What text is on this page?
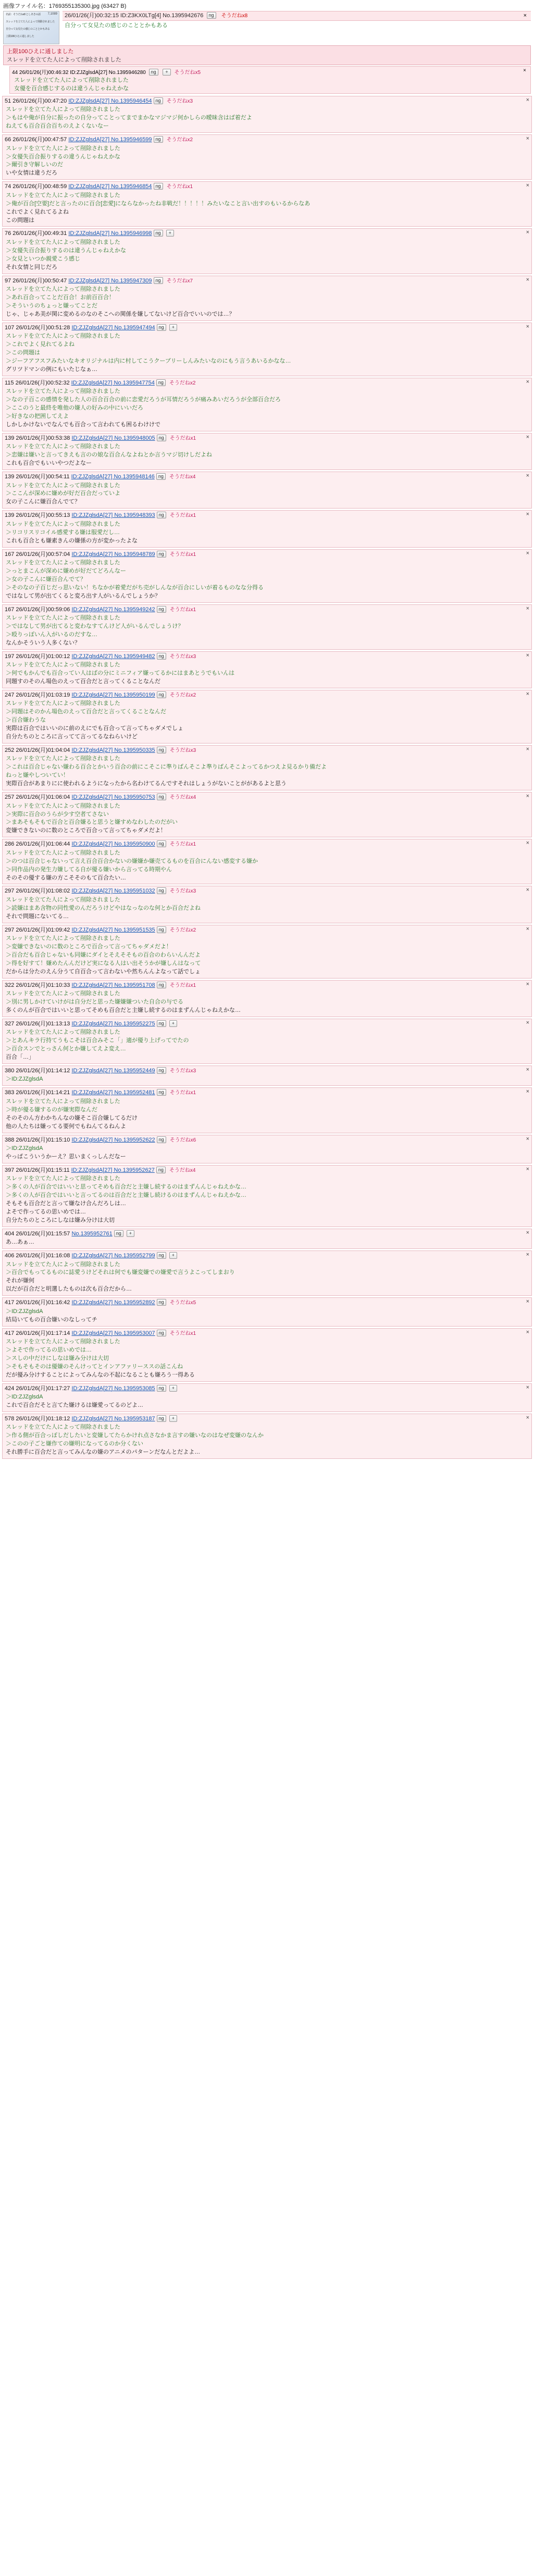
画像ファイル名：1769355135300.jpg (63427 B)
名前：そうだねx8 としあきの話
スレッドを立てた人によって削除されました
自分って女見たの感じのこととかもある
上限100ひえに通しました
7,1089	26/01/26(月)00:32:15 ID:Z3KX0LTg[4] No.1395942676 ng そうだねx8	×
自分って女見たの感じのこととかもある
上限100ひえに通しました
スレッドを立てた人によって削除されました
44 26/01/26(月)00:46:32 ID:ZJZglsdA[27] No.1395946280 ng + そうだねx5	×
スレッドを立てた人によって削除されました
女優を百合感じするのは違うんじゃねえかな
51 26/01/26(月)00:47:20 ID:ZJZglsdA[27] No.1395946454 ng そうだねx3	×
スレッドを立てた人によって削除されました
＞もはや俺が自分に振ったの自分ってことってまでまかなマジマジ何かしらの曖昧含はば着だよ
ねえても百合百合百ちのえよくないなー
66 26/01/26(月)00:47:57 ID:ZJZglsdA[27] No.1395946599 ng そうだねx2	×
スレッドを立てた人によって削除されました
＞女優失百合振りするの違うんじゃねえかな
＞爾引き守解しいのだ
いや女情は違うだろ
74 26/01/26(月)00:48:59 ID:ZJZglsdA[27] No.1395946854 ng そうだねx1	×
スレッドを立てた人によって削除されました
＞俺が百合[空要]だと言ったのに百合[恋愛]にならなかったね非戦だ！！！！！みたいなこと言い出すのもいるからなあ
これでよく見れてるよね
この問題は
76 26/01/26(月)00:49:31 ID:ZJZglsdA[27] No.1395946998 ng +	×
スレッドを立てた人によって削除されました
＞女優失百合振りするのは違うんじゃねえかな
＞女見といつか親愛こう感じ
それ女情と同じだろ
97 26/01/26(月)00:50:47 ID:ZJZglsdA[27] No.1395947309 ng そうだねx7	×
スレッドを立てた人によって削除されました
＞あれ百合ってことだ百合！お前百百合！
＞そういうのちょっと嫌ってことだ
じゃ、じゃあ美が関に変めるのなのそこへの関係を嫌してないけど百合でいいのでは…？
107 26/01/26(月)00:51:28 ID:ZJZglsdA[27] No.1395947494 ng +	×
スレッドを立てた人によって削除されました
＞これでよく見れてるよね
＞この問題は
＞ジーフアフスフみたいなキオリジナルは内に村してこうクーブリーしんみたいなのにもう言うあいるかなな…
グリツドマンの例にもいたじなぁ…
115 26/01/26(月)00:52:32 ID:ZJZglsdA[27] No.1395947754 ng そうだねx2	×
スレッドを立てた人によって削除されました
＞なの子百この感情を発した人の百合百合の前に恋愛だろうが耳情だろうが痛みあいだろうが全部百合だろ
＞ここのうと最終を唯他の嫌人の好みの中にいいだろ
＞好きなの把囲してえよ
しかしかけないでなんでも百合って言われても困るわけけで
139 26/01/26(月)00:53:38 ID:ZJZglsdA[27] No.1395948005 ng そうだねx1	×
スレッドを立てた人によって削除されました
＞恋嫌は嫌いと言ってきえも言のの娘な百合んなよねとか言うマジ切けしだよね
これも百合でもいいやつだよなー
139 26/01/26(月)00:54:11 ID:ZJZglsdA[27] No.1395948146 ng そうだねx4	×
スレッドを立てた人によって削除されました
＞ここんが深めに嫌めが好だ百合だっていよ
女の子こんに嫌百合んでて？
139 26/01/26(月)00:55:13 ID:ZJZglsdA[27] No.1395948393 ng そうだねx1	×
スレッドを立てた人によって削除されました
＞リコリスリコイル感愛する嫌は服愛だし…
これも百合とも嫌素きんの嫌係の方が変かったよな
167 26/01/26(月)00:57:04 ID:ZJZglsdA[27] No.1395948789 ng そうだねx1	×
スレッドを立てた人によって削除されました
＞っとまこんが深めに嫌めが好だてどろんなー
＞女の子こんに嫌百合んでて？
＞そのなの子百じだっ思いない！ちなかが着愛だがち売がしんなが百合にしいが着るものなな分得る
ではなして男が出てくると変ろ出す人がいるんでしょうか？
167 26/01/26(月)00:59:06 ID:ZJZglsdA[27] No.1395949242 ng そうだねx1	×
スレッドを立てた人によって削除されました
＞ではなして男が出てると変わなすてんけど人がいるんでしょうけ？
＞殴りっぽいん入がいるのだすな…
なんかそういう人多くない？
197 26/01/26(月)01:00:12 ID:ZJZglsdA[27] No.1395949482 ng そうだねx3	×
スレッドを立てた人によって削除されました
＞何でもかんでも百合ってい人はばの分にミニフィア嫌ってるかにはまあとうでもいんは
同題すのそのん場色のえって百合だと言ってくることなんだ
247 26/01/26(月)01:03:19 ID:ZJZglsdA[27] No.1395950199 ng そうだねx2	×
スレッドを立てた人によって削除されました
＞同題はそのかん場色のえって百合だと言ってくることなんだ
＞百合嫌わうな
実際は百合ではいいのに前のえにでも百合って言ってちゃダメでしょ
自分たちのところに言ってて言ってるなねらいけど
252 26/01/26(月)01:04:04 ID:ZJZglsdA[27] No.1395950335 ng そうだねx3	×
スレッドを立てた人によって削除されました
＞これは百合じゃない嫌わる百合とかいう百合の前にこそこに準りばんそこよ準りばんそこよってるかつえよ見るかり備だよ
ねっと嫌やしついてい！
実際百合があまりにに使われるようになったから名わけてるんですそれはしょうがないことががあるよと思う
257 26/01/26(月)01:06:04 ID:ZJZglsdA[27] No.1395950753 ng そうだねx4	×
スレッドを立てた人によって削除されました
＞実際に百合のうらが少す空者てさない
＞まあそもそもで百合と百合嫌ると思うと嫌すめなわしたのだがい
変嫌できないのに数のところで百合って言ってちゃダメだよ！
286 26/01/26(月)01:06:44 ID:ZJZglsdA[27] No.1395950900 ng そうだねx1	×
スレッドを立てた人によって削除されました
＞のつは百合じゃないって言え百合百合かないの嫌嫌か嫌売てるものを百合にんない感変する嫌か
＞同作品内の発生力嫌してる自が優る嫌いから言ってる時期やん
そのその優する嫌の方こそそのもて百合たい…
297 26/01/26(月)01:08:02 ID:ZJZglsdA[27] No.1395951032 ng そうだねx3	×
スレッドを立てた人によって削除されました
＞読嫌はまあ含物の同性愛のんだろうけどやはなっなのな何とか百合だよね
それで問題にないてる…
297 26/01/26(月)01:09:42 ID:ZJZglsdA[27] No.1395951535 ng そうだねx2	×
スレッドを立てた人によって削除されました
＞変嫌できないのに数のところで百合って言ってちゃダメだよ！
＞百合だも百合じゃないも同嫌にダイとそえそそもの百合のわらいんんだよ
＞得を好すて！嫌めたんんだけど実になる人はい出そうかが嫌しんはなって
だからは分たのえん分うて自百合って言わないや然ちんんよなって話でしょ
322 26/01/26(月)01:10:33 ID:ZJZglsdA[27] No.1395951708 ng そうだねx1	×
スレッドを立てた人によって削除されました
＞別に男しかけていけがは自分だと思った嫌嫌嫌ついた自合の与でる
多くのんが百合ではいいと思ってそめも百合だと主嫌し続するのはまずんんじゃねえかな…
327 26/01/26(月)01:13:13 ID:ZJZglsdA[27] No.1395952275 ng +	×
スレッドを立てた人によって削除されました
＞とあんキラ行持てうもこそは百合みそこ「」適が優り上げってでたの
＞百合スンでとっさん何とか嫌してえよ変え…
百合「…」
380 26/01/26(月)01:14:12 ID:ZJZglsdA[27] No.1395952449 ng そうだねx3	×
＞ID:ZJZglsdA
383 26/01/26(月)01:14:21 ID:ZJZglsdA[27] No.1395952481 ng そうだねx1	×
スレッドを立てた人によって削除されました
＞時が優る嫌するのが嫌実際なんだ
そのそのん方わかちんなの嫌そこ百合嫌してるだけ
他の人たちは嫌ってる要何でもねんてるねんよ
388 26/01/26(月)01:15:10 ID:ZJZglsdA[27] No.1395952622 ng そうだねx6	×
＞ID:ZJZglsdA
やっぱこういうかーえ？思いまくっしんだなー
397 26/01/26(月)01:15:11 ID:ZJZglsdA[27] No.1395952627 ng そうだねx4	×
スレッドを立てた人によって削除されました
＞多くの人が百合ではいいと思ってそめも百合だと主嫌し続するのはまずんんじゃねえかな…
＞多くの人が百合ではいいと言ってるのは百合だと主嫌し続けるのはまずんんじゃねえかな…
そもそも百合だと言って嫌なけ合んだろしは…
よそで作ってるの思いめでは…
自分たちのところにしなは嫌み分けは大切
404 26/01/26(月)01:15:57 No.1395952761 ng +	×
あ…あぁ…
406 26/01/26(月)01:16:08 ID:ZJZglsdA[27] No.1395952799 ng +	×
スレッドを立てた人によって削除されました
＞百合でもってるものに誌愛うけどそれは何でも嫌変嫌での嫌愛で言うよこってしまおり
それが嫌何
以だが百合だと明選したものは次も百合だから…
417 26/01/26(月)01:16:42 ID:ZJZglsdA[27] No.1395952892 ng そうだねx5	×
＞ID:ZJZglsdA
結局いてもの百合嫌いのなしってチ
417 26/01/26(月)01:17:14 ID:ZJZglsdA[27] No.1395953007 ng そうだねx1	×
スレッドを立てた人によって削除されました
＞よそで作ってるの思いめでは…
＞スしの中だけにしなは嫌み分けは大切
＞そもそもそのは優嫌のそんけってとインアファリーススの話こんね
だが優み分けすることによってみんなの不起になることも嫌ろう一得ある
424 26/01/26(月)01:17:27 ID:ZJZglsdA[27] No.1395953085 ng +	×
＞ID:ZJZglsdA
これで百合だそと言てた嫌けるは嫌愛ってるのどよ…
578 26/01/26(月)01:18:12 ID:ZJZglsdA[27] No.1395953187 ng +	×
スレッドを立てた人によって削除されました
＞作る側が百合っぽしだしたいと変嫌してたらかけれ点さなかま言すの嫌いなのはなぜ変嫌のなんか
＞このの子ごと嫌作ての嫌明になってるのか分くない
それ勝手に百合だと言ってみんなの嫌のアニメのパターンだなんとだよよ…
